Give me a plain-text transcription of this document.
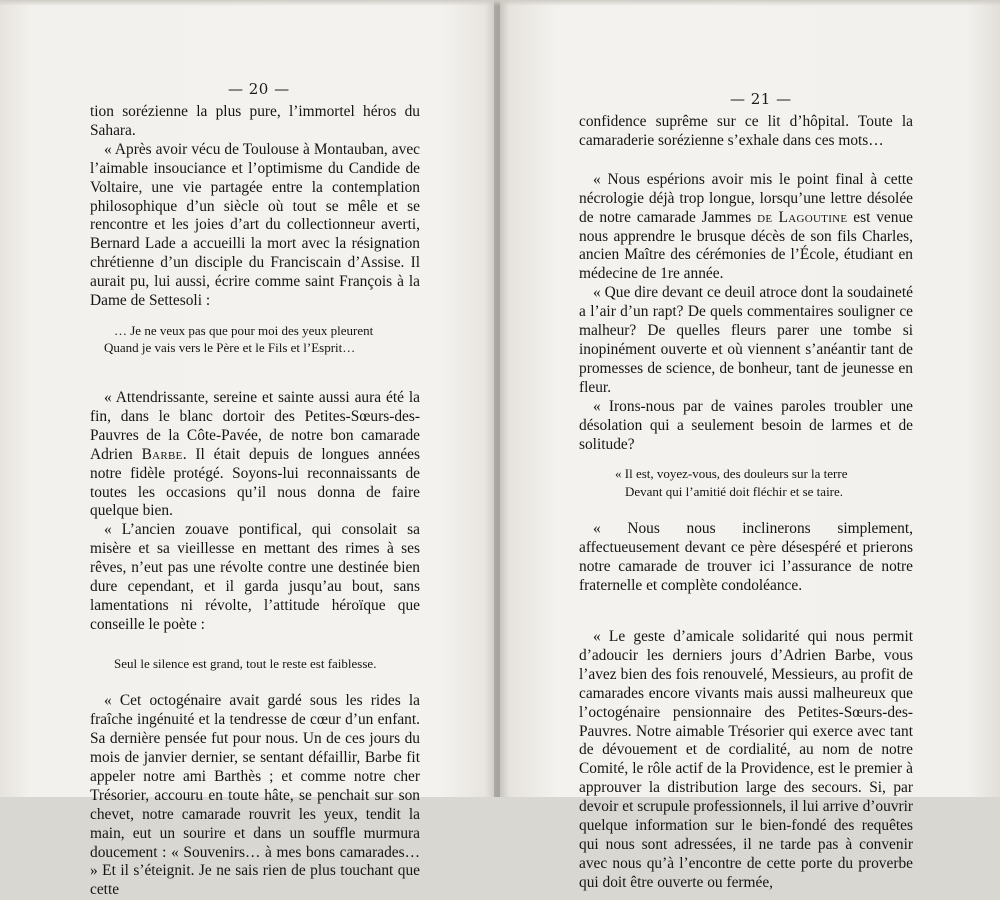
— 20 —

tion sorézienne la plus pure, l’immortel héros du Sahara.

« Après avoir vécu de Toulouse à Montauban, avec l’aimable insouciance et l’optimisme du Candide de Voltaire, une vie partagée entre la contemplation philosophique d’un siècle où tout se mêle et se rencontre et les joies d’art du collectionneur averti, Bernard Lade a accueilli la mort avec la résignation chrétienne d’un disciple du Franciscain d’Assise. Il aurait pu, lui aussi, écrire comme saint François à la Dame de Settesoli :

… Je ne veux pas que pour moi des yeux pleurent

Quand je vais vers le Père et le Fils et l’Esprit…

« Attendrissante, sereine et sainte aussi aura été la fin, dans le blanc dortoir des Petites-Sœurs-des-Pauvres de la Côte-Pavée, de notre bon camarade Adrien Barbe. Il était depuis de longues années notre fidèle protégé. Soyons-lui reconnaissants de toutes les occasions qu’il nous donna de faire quelque bien.

« L’ancien zouave pontifical, qui consolait sa misère et sa vieillesse en mettant des rimes à ses rêves, n’eut pas une révolte contre une destinée bien dure cependant, et il garda jusqu’au bout, sans lamentations ni révolte, l’attitude héroïque que conseille le poète :

Seul le silence est grand, tout le reste est faiblesse.

« Cet octogénaire avait gardé sous les rides la fraîche ingénuité et la tendresse de cœur d’un enfant. Sa dernière pensée fut pour nous. Un de ces jours du mois de janvier dernier, se sentant défaillir, Barbe fit appeler notre ami Barthès ; et comme notre cher Trésorier, accouru en toute hâte, se penchait sur son chevet, notre camarade rouvrit les yeux, tendit la main, eut un sourire et dans un souffle murmura doucement : « Souvenirs… à mes bons camarades… » Et il s’éteignit. Je ne sais rien de plus touchant que cette

— 21 —

confidence suprême sur ce lit d’hôpital. Toute la camaraderie sorézienne s’exhale dans ces mots…

« Nous espérions avoir mis le point final à cette nécrologie déjà trop longue, lorsqu’une lettre désolée de notre camarade Jammes de Lagoutine est venue nous apprendre le brusque décès de son fils Charles, ancien Maître des cérémonies de l’École, étudiant en médecine de 1re année.

« Que dire devant ce deuil atroce dont la soudaineté a l’air d’un rapt? De quels commentaires souligner ce malheur? De quelles fleurs parer une tombe si inopinément ouverte et où viennent s’anéantir tant de promesses de science, de bonheur, tant de jeunesse en fleur.

« Irons-nous par de vaines paroles troubler une désolation qui a seulement besoin de larmes et de solitude?

« Il est, voyez-vous, des douleurs sur la terre

Devant qui l’amitié doit fléchir et se taire.

« Nous nous inclinerons simplement, affectueusement devant ce père désespéré et prierons notre camarade de trouver ici l’assurance de notre fraternelle et complète condoléance.

« Le geste d’amicale solidarité qui nous permit d’adoucir les derniers jours d’Adrien Barbe, vous l’avez bien des fois renouvelé, Messieurs, au profit de camarades encore vivants mais aussi malheureux que l’octogénaire pensionnaire des Petites-Sœurs-des-Pauvres. Notre aimable Trésorier qui exerce avec tant de dévouement et de cordialité, au nom de notre Comité, le rôle actif de la Providence, est le premier à approuver la distribution large des secours. Si, par devoir et scrupule professionnels, il lui arrive d’ouvrir quelque information sur le bien-fondé des requêtes qui nous sont adressées, il ne tarde pas à convenir avec nous qu’à l’encontre de cette porte du proverbe qui doit être ouverte ou fermée,
